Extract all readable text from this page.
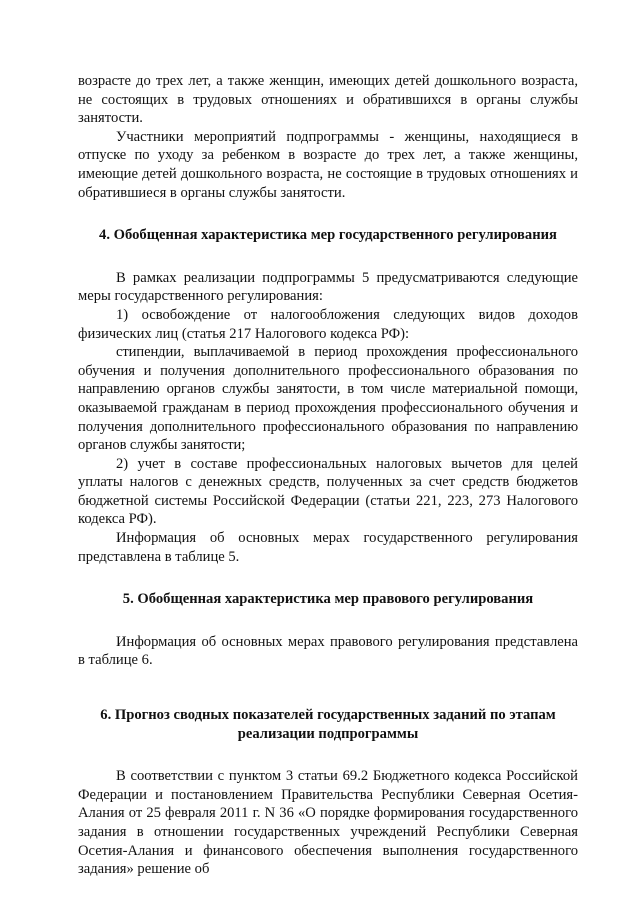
возрасте до трех лет, а также женщин, имеющих детей дошкольного возраста, не состоящих в трудовых отношениях и обратившихся в органы службы занятости.

Участники мероприятий подпрограммы - женщины, находящиеся в отпуске по уходу за ребенком в возрасте до трех лет, а также женщины, имеющие детей дошкольного возраста, не состоящие в трудовых отношениях и обратившиеся в органы службы занятости.

4. Обобщенная характеристика мер государственного регулирования

В рамках реализации подпрограммы 5 предусматриваются следующие меры государственного регулирования:

1) освобождение от налогообложения следующих видов доходов физических лиц (статья 217 Налогового кодекса РФ):

стипендии, выплачиваемой в период прохождения профессионального обучения и получения дополнительного профессионального образования по направлению органов службы занятости, в том числе материальной помощи, оказываемой гражданам в период прохождения профессионального обучения и получения дополнительного профессионального образования по направлению органов службы занятости;

2) учет в составе профессиональных налоговых вычетов для целей уплаты налогов с денежных средств, полученных за счет средств бюджетов бюджетной системы Российской Федерации (статьи 221, 223, 273 Налогового кодекса РФ).

Информация об основных мерах государственного регулирования представлена в таблице 5.

5. Обобщенная характеристика мер правового регулирования

Информация об основных мерах правового регулирования представлена в таблице 6.

6. Прогноз сводных показателей государственных заданий по этапам
реализации подпрограммы

В соответствии с пунктом 3 статьи 69.2 Бюджетного кодекса Российской Федерации и постановлением Правительства Республики Северная Осетия-Алания от 25 февраля 2011 г. N 36 «О порядке формирования государственного задания в отношении государственных учреждений Республики Северная Осетия-Алания и финансового обеспечения выполнения государственного задания» решение об
